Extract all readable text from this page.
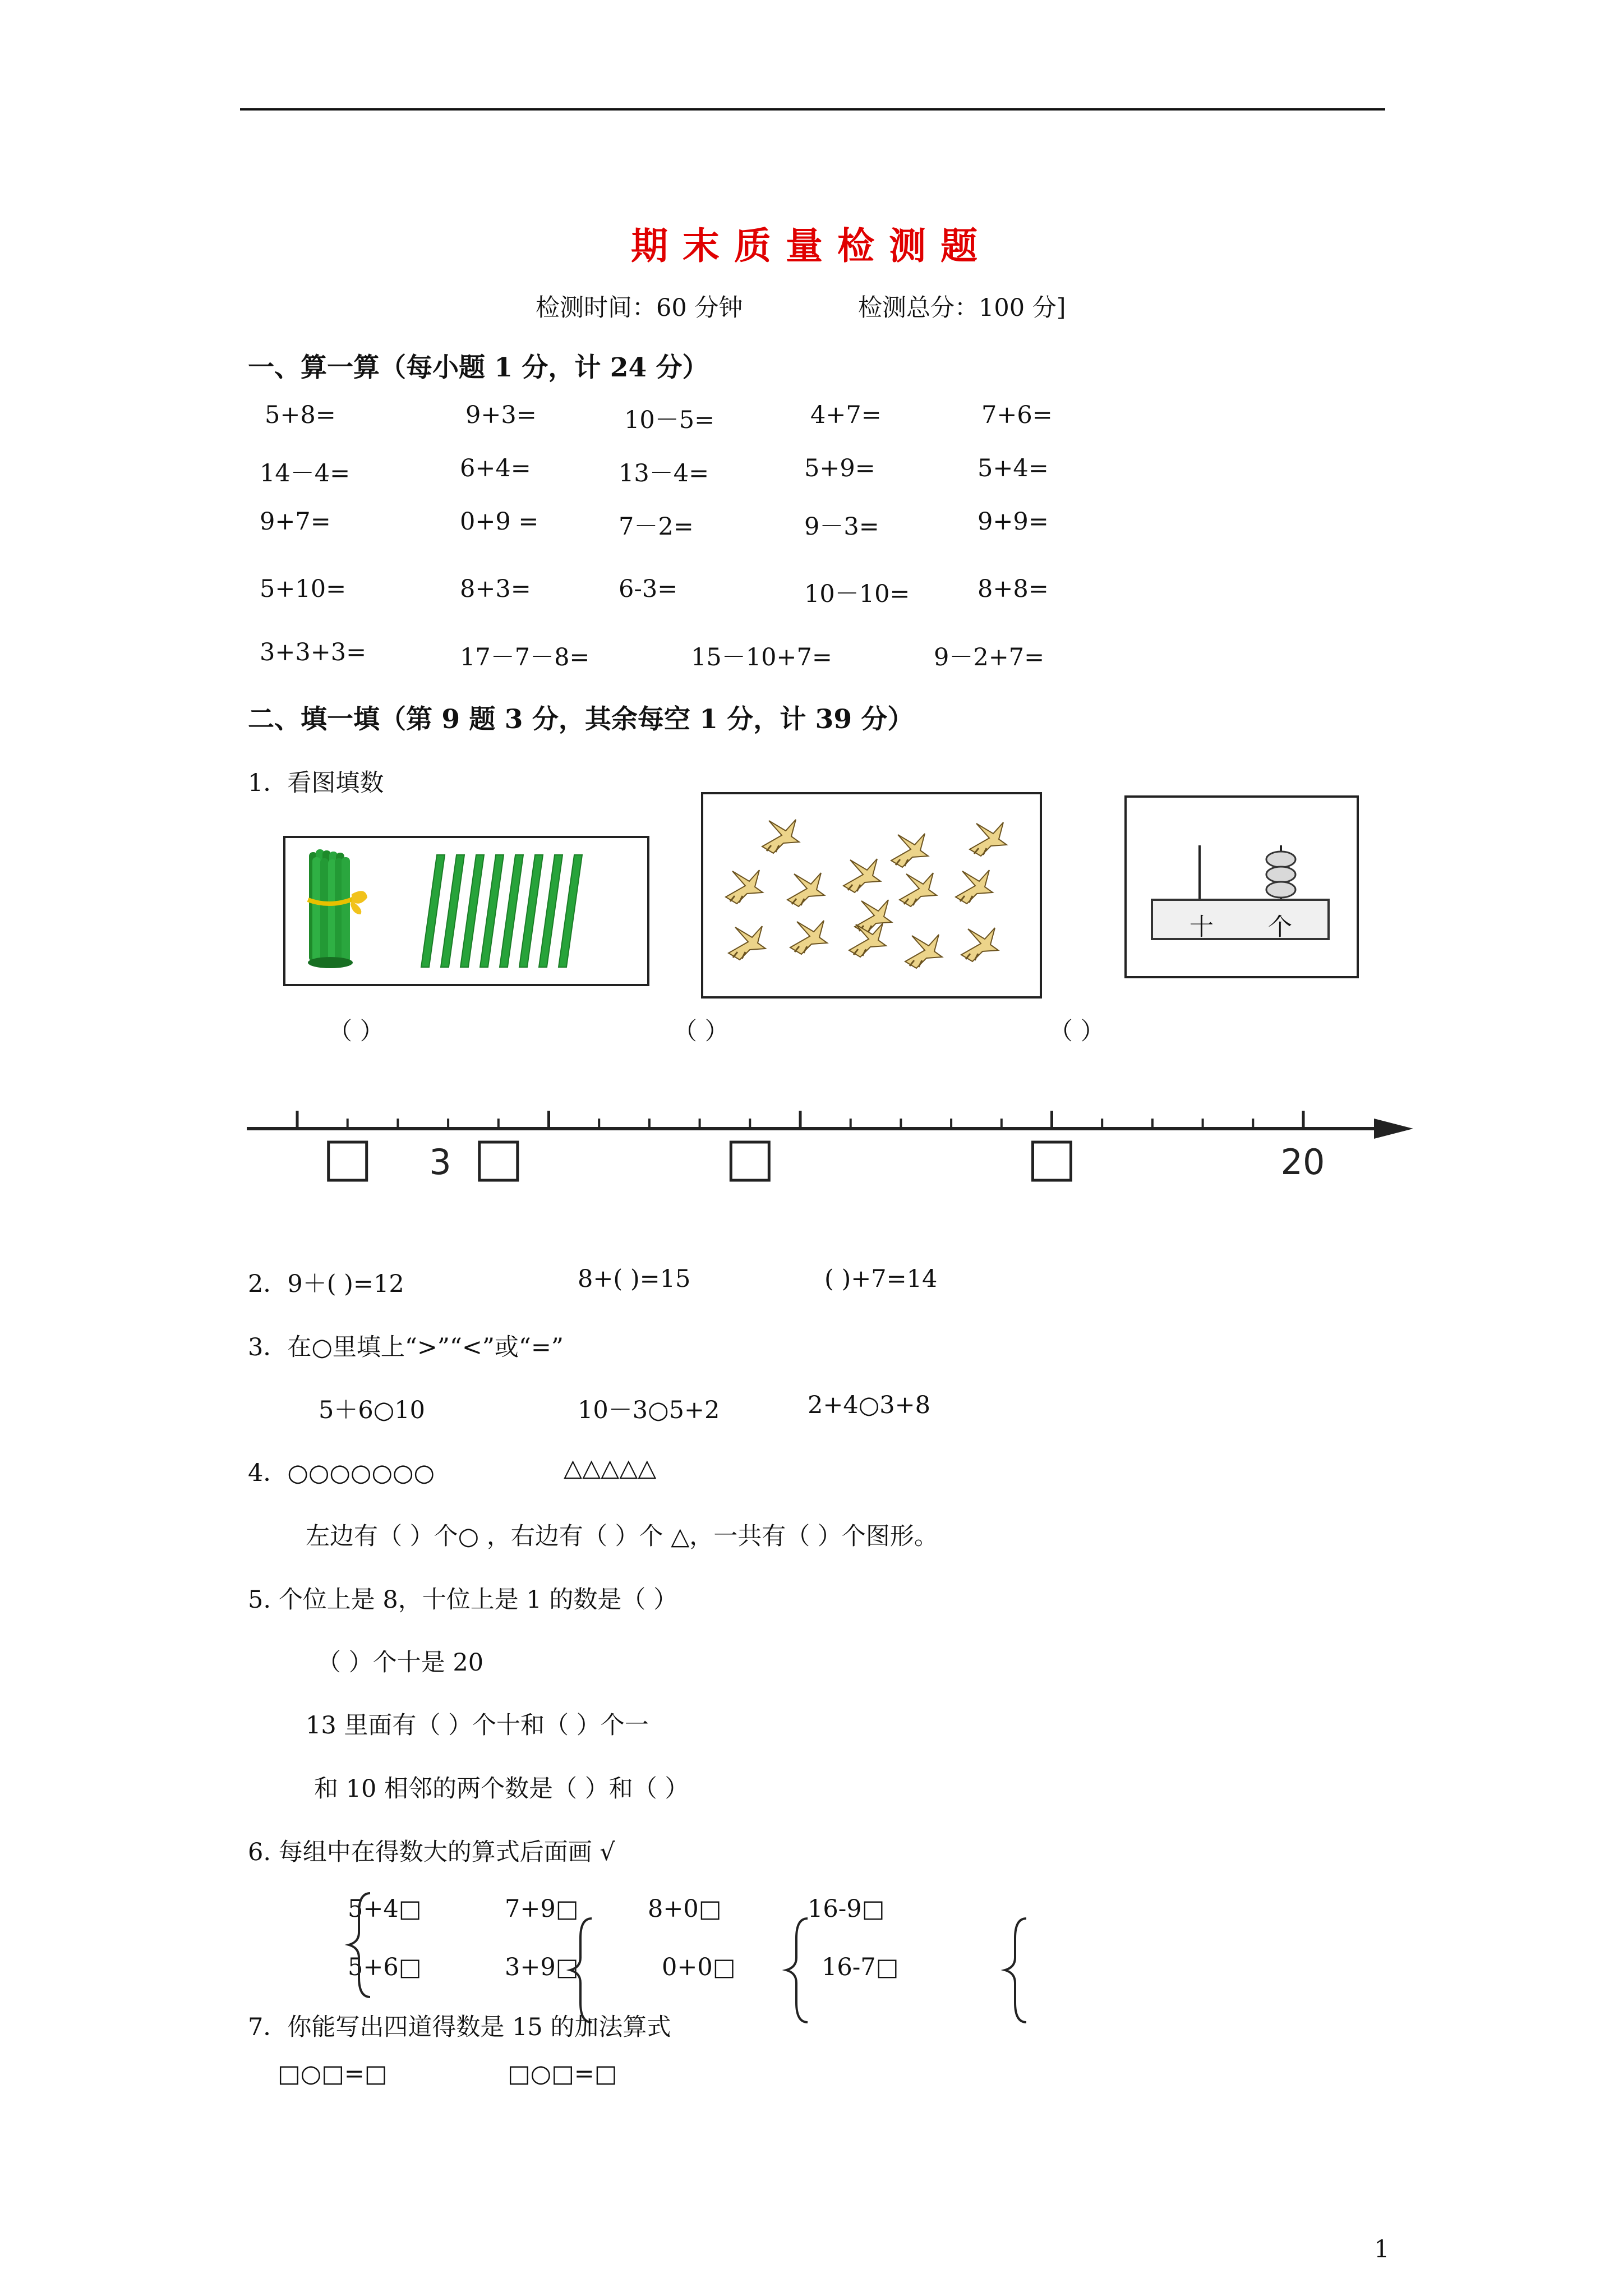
期末质量检测题
检测时间：60 分钟	检测总分：100 分]
一、算一算（每小题 1 分，计 24 分）
5+8=	9+3=	10－5=	4+7=	7+6=
14－4=	6+4=	13－4=	5+9=	5+4=
9+7=	0+9 =	7－2=	9－3=	9+9=
5+10=	8+3=	6-3=	10－10=	8+8=
3+3+3=	17－7－8=	15－10+7=	9－2+7=
二、填一填（第 9 题 3 分，其余每空 1 分，计 39 分）
1．看图填数
十 个
（ ）	（ ）	（ ）
3	20
2．9＋( )=12	8+( )=15	( )+7=14
3．在○里填上“>”“<”或“=”
5＋6○10	10－3○5+2	2+4○3+8
4．○○○○○○○	△△△△△
左边有（ ）个○ ，右边有（ ）个 △，一共有（ ）个图形。
5. 个位上是 8，十位上是 1 的数是（ ）
（ ）个十是 20
13 里面有（ ）个十和（ ）个一
和 10 相邻的两个数是（ ）和（ ）
6. 每组中在得数大的算式后面画 √
5+4□	7+9□	8+0□	16-9□
5+6□	3+9□	0+0□	16-7□
7．你能写出四道得数是 15 的加法算式
□○□=□	□○□=□
1
